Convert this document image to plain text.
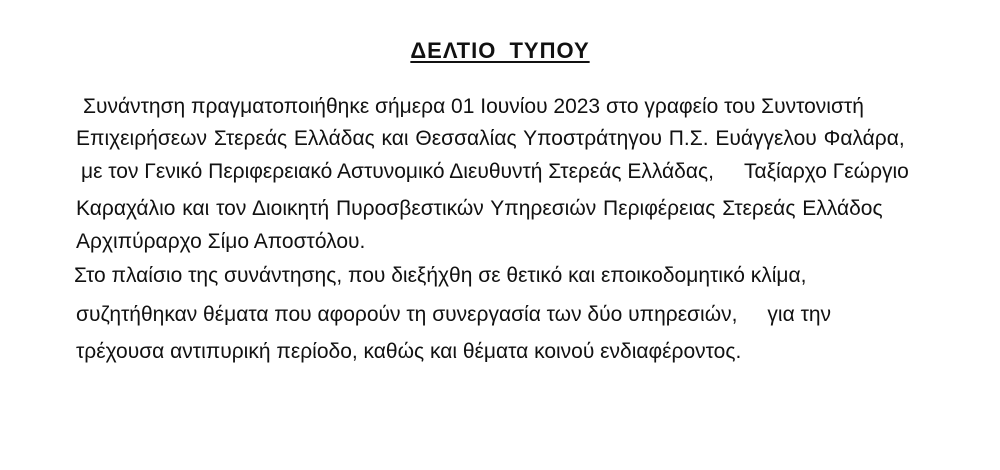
ΔΕΛΤΙΟ ΤΥΠΟΥ
Συνάντηση πραγματοποιήθηκε σήμερα 01 Ιουνίου 2023 στο γραφείο του Συντονιστή
Επιχειρήσεων Στερεάς Ελλάδας και Θεσσαλίας Υποστράτηγου Π.Σ. Ευάγγελου Φαλάρα,
με τον Γενικό Περιφερειακό Αστυνομικό Διευθυντή Στερεάς Ελλάδας, Ταξίαρχο Γεώργιο
Καραχάλιο και τον Διοικητή Πυροσβεστικών Υπηρεσιών Περιφέρειας Στερεάς Ελλάδος
Αρχιπύραρχο Σίμο Αποστόλου.
Στο πλαίσιο της συνάντησης, που διεξήχθη σε θετικό και εποικοδομητικό κλίμα,
συζητήθηκαν θέματα που αφορούν τη συνεργασία των δύο υπηρεσιών, για την
τρέχουσα αντιπυρική περίοδο, καθώς και θέματα κοινού ενδιαφέροντος.
